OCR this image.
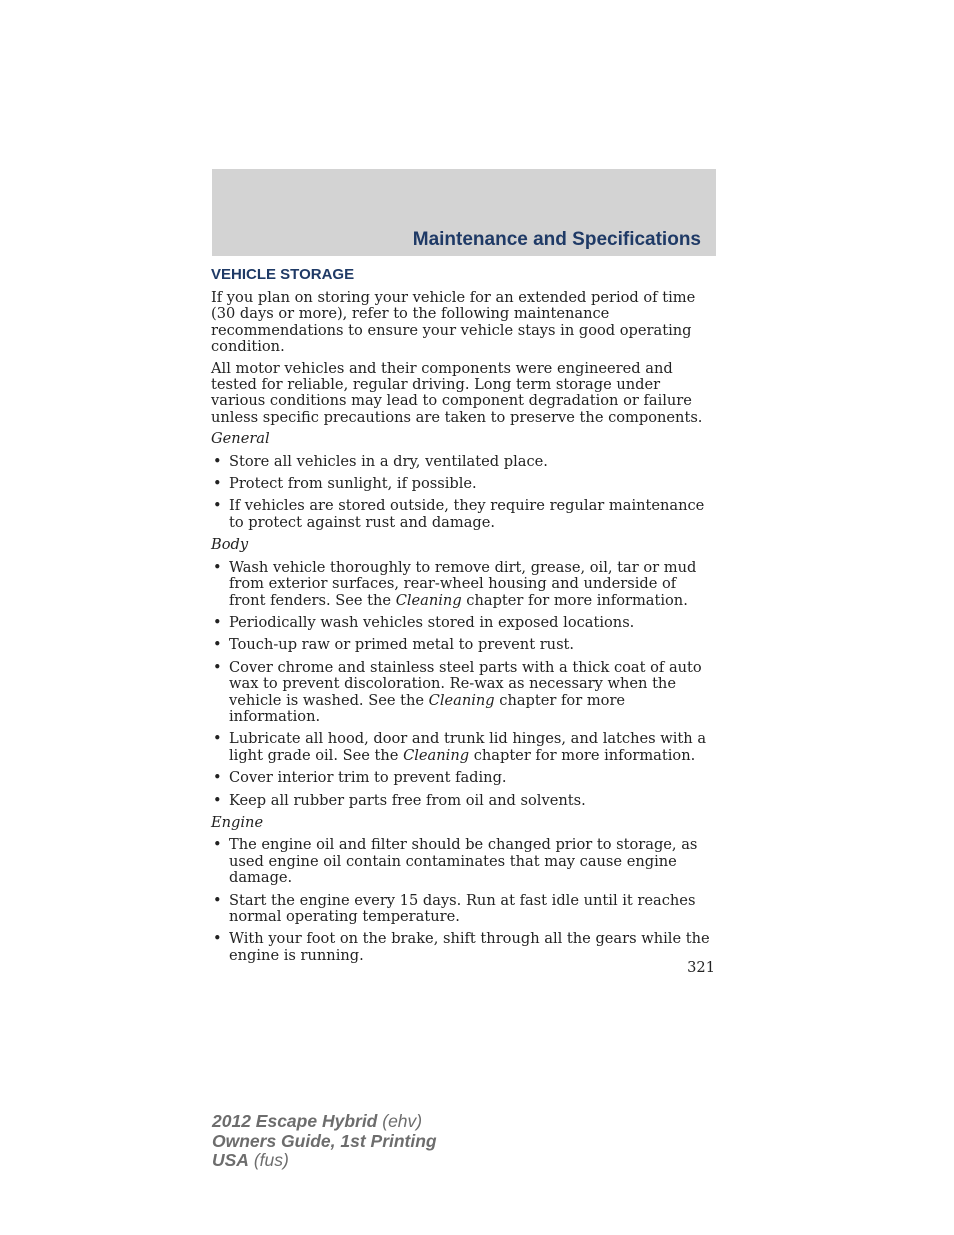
Maintenance and Specifications
VEHICLE STORAGE

If you plan on storing your vehicle for an extended period of time (30 days or more), refer to the following maintenance recommendations to ensure your vehicle stays in good operating condition.

All motor vehicles and their components were engineered and tested for reliable, regular driving. Long term storage under various conditions may lead to component degradation or failure unless specific precautions are taken to preserve the components.

General

• Store all vehicles in a dry, ventilated place.
• Protect from sunlight, if possible.
• If vehicles are stored outside, they require regular maintenance to protect against rust and damage.

Body

• Wash vehicle thoroughly to remove dirt, grease, oil, tar or mud from exterior surfaces, rear-wheel housing and underside of front fenders. See the Cleaning chapter for more information.
• Periodically wash vehicles stored in exposed locations.
• Touch-up raw or primed metal to prevent rust.
• Cover chrome and stainless steel parts with a thick coat of auto wax to prevent discoloration. Re-wax as necessary when the vehicle is washed. See the Cleaning chapter for more information.
• Lubricate all hood, door and trunk lid hinges, and latches with a light grade oil. See the Cleaning chapter for more information.
• Cover interior trim to prevent fading.
• Keep all rubber parts free from oil and solvents.

Engine

• The engine oil and filter should be changed prior to storage, as used engine oil contain contaminates that may cause engine damage.
• Start the engine every 15 days. Run at fast idle until it reaches normal operating temperature.
• With your foot on the brake, shift through all the gears while the engine is running.
321
2012 Escape Hybrid (ehv)
Owners Guide, 1st Printing
USA (fus)
